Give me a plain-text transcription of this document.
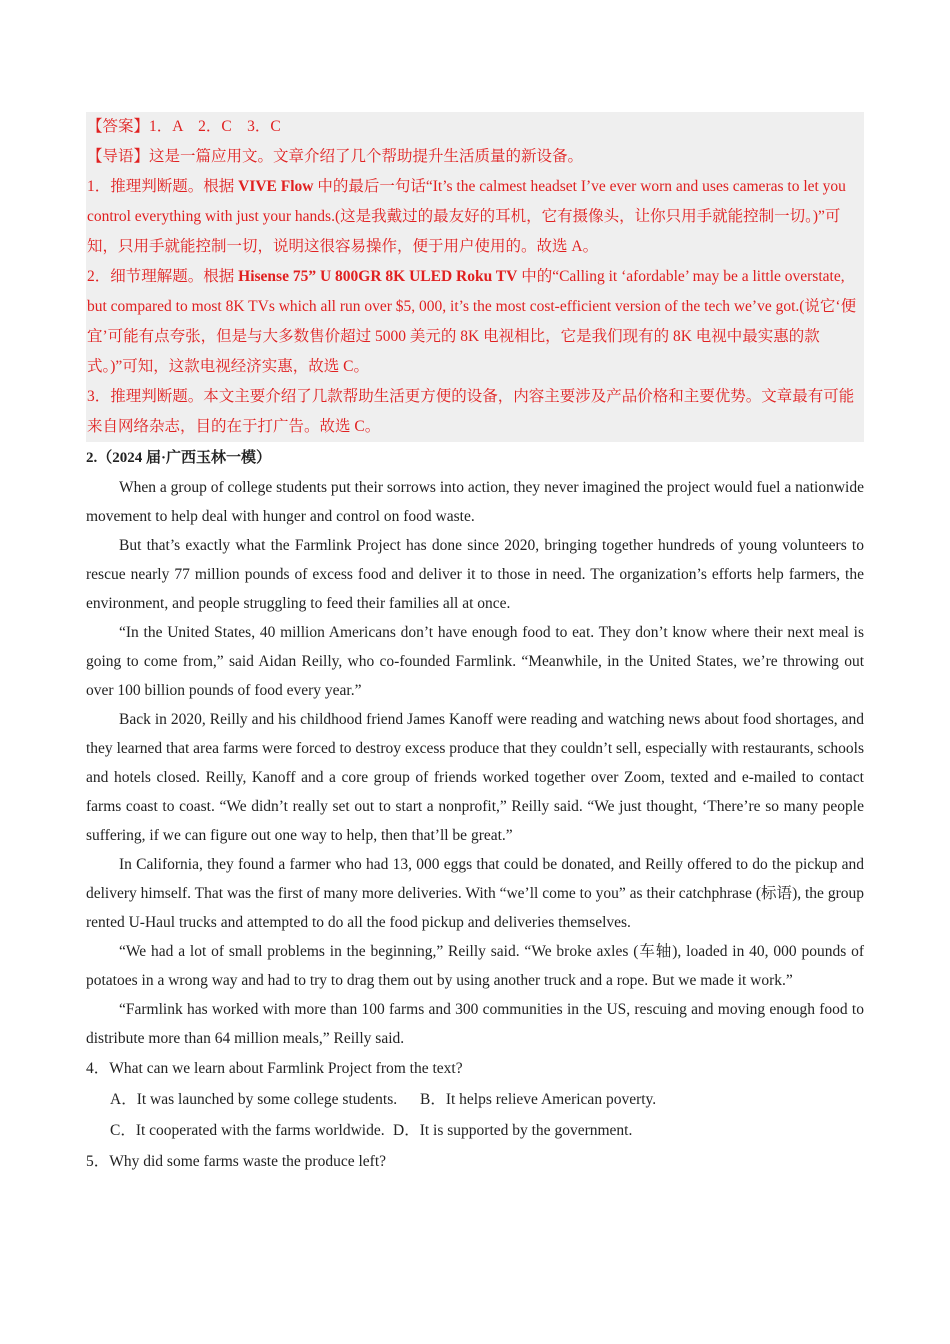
【答案】1．A　2．C　3．C

【导语】这是一篇应用文。文章介绍了几个帮助提升生活质量的新设备。

1．推理判断题。根据 VIVE Flow 中的最后一句话“It’s the calmest headset I’ve ever worn and uses cameras to let you control everything with just your hands.(这是我戴过的最友好的耳机，它有摄像头，让你只用手就能控制一切。)”可知，只用手就能控制一切，说明这很容易操作，便于用户使用的。故选 A。

2．细节理解题。根据 Hisense 75” U 800GR 8K ULED Roku TV 中的“Calling it ‘afordable’ may be a little overstate, but compared to most 8K TVs which all run over $5, 000, it’s the most cost-efficient version of the tech we’ve got.(说它‘便宜’可能有点夸张，但是与大多数售价超过 5000 美元的 8K 电视相比，它是我们现有的 8K 电视中最实惠的款式。)”可知，这款电视经济实惠，故选 C。

3．推理判断题。本文主要介绍了几款帮助生活更方便的设备，内容主要涉及产品价格和主要优势。文章最有可能来自网络杂志，目的在于打广告。故选 C。

2.（2024 届·广西玉林一模）

When a group of college students put their sorrows into action, they never imagined the project would fuel a nationwide movement to help deal with hunger and control on food waste.

But that’s exactly what the Farmlink Project has done since 2020, bringing together hundreds of young volunteers to rescue nearly 77 million pounds of excess food and deliver it to those in need. The organization’s efforts help farmers, the environment, and people struggling to feed their families all at once.

“In the United States, 40 million Americans don’t have enough food to eat. They don’t know where their next meal is going to come from,” said Aidan Reilly, who co-founded Farmlink. “Meanwhile, in the United States, we’re throwing out over 100 billion pounds of food every year.”

Back in 2020, Reilly and his childhood friend James Kanoff were reading and watching news about food shortages, and they learned that area farms were forced to destroy excess produce that they couldn’t sell, especially with restaurants, schools and hotels closed. Reilly, Kanoff and a core group of friends worked together over Zoom, texted and e-mailed to contact farms coast to coast. “We didn’t really set out to start a nonprofit,” Reilly said. “We just thought, ‘There’re so many people suffering, if we can figure out one way to help, then that’ll be great.”

In California, they found a farmer who had 13, 000 eggs that could be donated, and Reilly offered to do the pickup and delivery himself. That was the first of many more deliveries. With “we’ll come to you” as their catchphrase (标语), the group rented U-Haul trucks and attempted to do all the food pickup and deliveries themselves.

“We had a lot of small problems in the beginning,” Reilly said. “We broke axles (车轴), loaded in 40, 000 pounds of potatoes in a wrong way and had to try to drag them out by using another truck and a rope. But we made it work.”

“Farmlink has worked with more than 100 farms and 300 communities in the US, rescuing and moving enough food to distribute more than 64 million meals,” Reilly said.

4．What can we learn about Farmlink Project from the text?

A．It was launched by some college students.	B．It helps relieve American poverty.
C．It cooperated with the farms worldwide. D．It is supported by the government.

5．Why did some farms waste the produce left?
